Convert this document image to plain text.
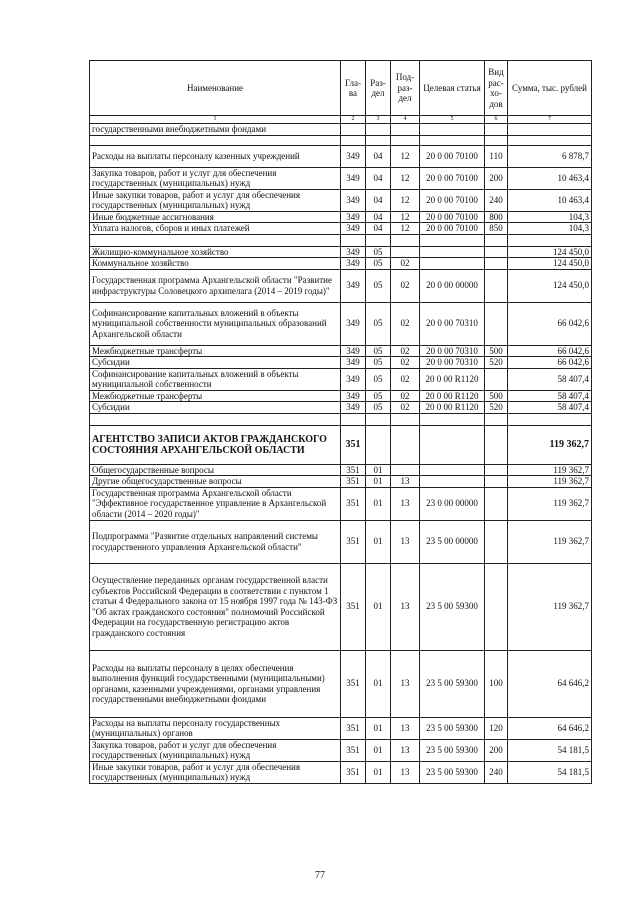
Наименование	Гла-ва	Раз-дел	Под-раз-дел	Целевая статья	Вид рас-хо-дов	Сумма, тыс. рублей
1	2	3	4	5	6	7
государственными внебюджетными фондами						

Расходы на выплаты персоналу казенных учреждений	349	04	12	20 0 00 70100	110	6 878,7
Закупка товаров, работ и услуг для обеспечения государственных (муниципальных) нужд	349	04	12	20 0 00 70100	200	10 463,4
Иные закупки товаров, работ и услуг для обеспечения государственных (муниципальных) нужд	349	04	12	20 0 00 70100	240	10 463,4
Иные бюджетные ассигнования	349	04	12	20 0 00 70100	800	104,3
Уплата налогов, сборов и иных платежей	349	04	12	20 0 00 70100	850	104,3

Жилищно-коммунальное хозяйство	349	05				124 450,0
Коммунальное хозяйство	349	05	02			124 450,0
Государственная программа Архангельской области "Развитие инфраструктуры Соловецкого архипелага (2014 – 2019 годы)"	349	05	02	20 0 00 00000		124 450,0
Софинансирование капитальных вложений в объекты муниципальной собственности муниципальных образований Архангельской области	349	05	02	20 0 00 70310		66 042,6
Межбюджетные трансферты	349	05	02	20 0 00 70310	500	66 042,6
Субсидии	349	05	02	20 0 00 70310	520	66 042,6
Софинансирование капитальных вложений в объекты муниципальной собственности	349	05	02	20 0 00 R1120		58 407,4
Межбюджетные трансферты	349	05	02	20 0 00 R1120	500	58 407,4
Субсидии	349	05	02	20 0 00 R1120	520	58 407,4

АГЕНТСТВО ЗАПИСИ АКТОВ ГРАЖДАНСКОГО СОСТОЯНИЯ АРХАНГЕЛЬСКОЙ ОБЛАСТИ	351					119 362,7
Общегосударственные вопросы	351	01				119 362,7
Другие общегосударственные вопросы	351	01	13			119 362,7
Государственная программа Архангельской области "Эффективное государственное управление в Архангельской области (2014 – 2020 годы)"	351	01	13	23 0 00 00000		119 362,7
Подпрограмма "Развитие отдельных направлений системы государственного управления Архангельской области"	351	01	13	23 5 00 00000		119 362,7
Осуществление переданных органам государственной власти субъектов Российской Федерации в соответствии с пунктом 1 статьи 4 Федерального закона от 15 ноября 1997 года № 143-ФЗ "Об актах гражданского состояния" полномочий Российской Федерации на государственную регистрацию актов гражданского состояния	351	01	13	23 5 00 59300		119 362,7
Расходы на выплаты персоналу в целях обеспечения выполнения функций государственными (муниципальными) органами, казенными учреждениями, органами управления государственными внебюджетными фондами	351	01	13	23 5 00 59300	100	64 646,2
Расходы на выплаты персоналу государственных (муниципальных) органов	351	01	13	23 5 00 59300	120	64 646,2
Закупка товаров, работ и услуг для обеспечения государственных (муниципальных) нужд	351	01	13	23 5 00 59300	200	54 181,5
Иные закупки товаров, работ и услуг для обеспечения государственных (муниципальных) нужд	351	01	13	23 5 00 59300	240	54 181,5
77
